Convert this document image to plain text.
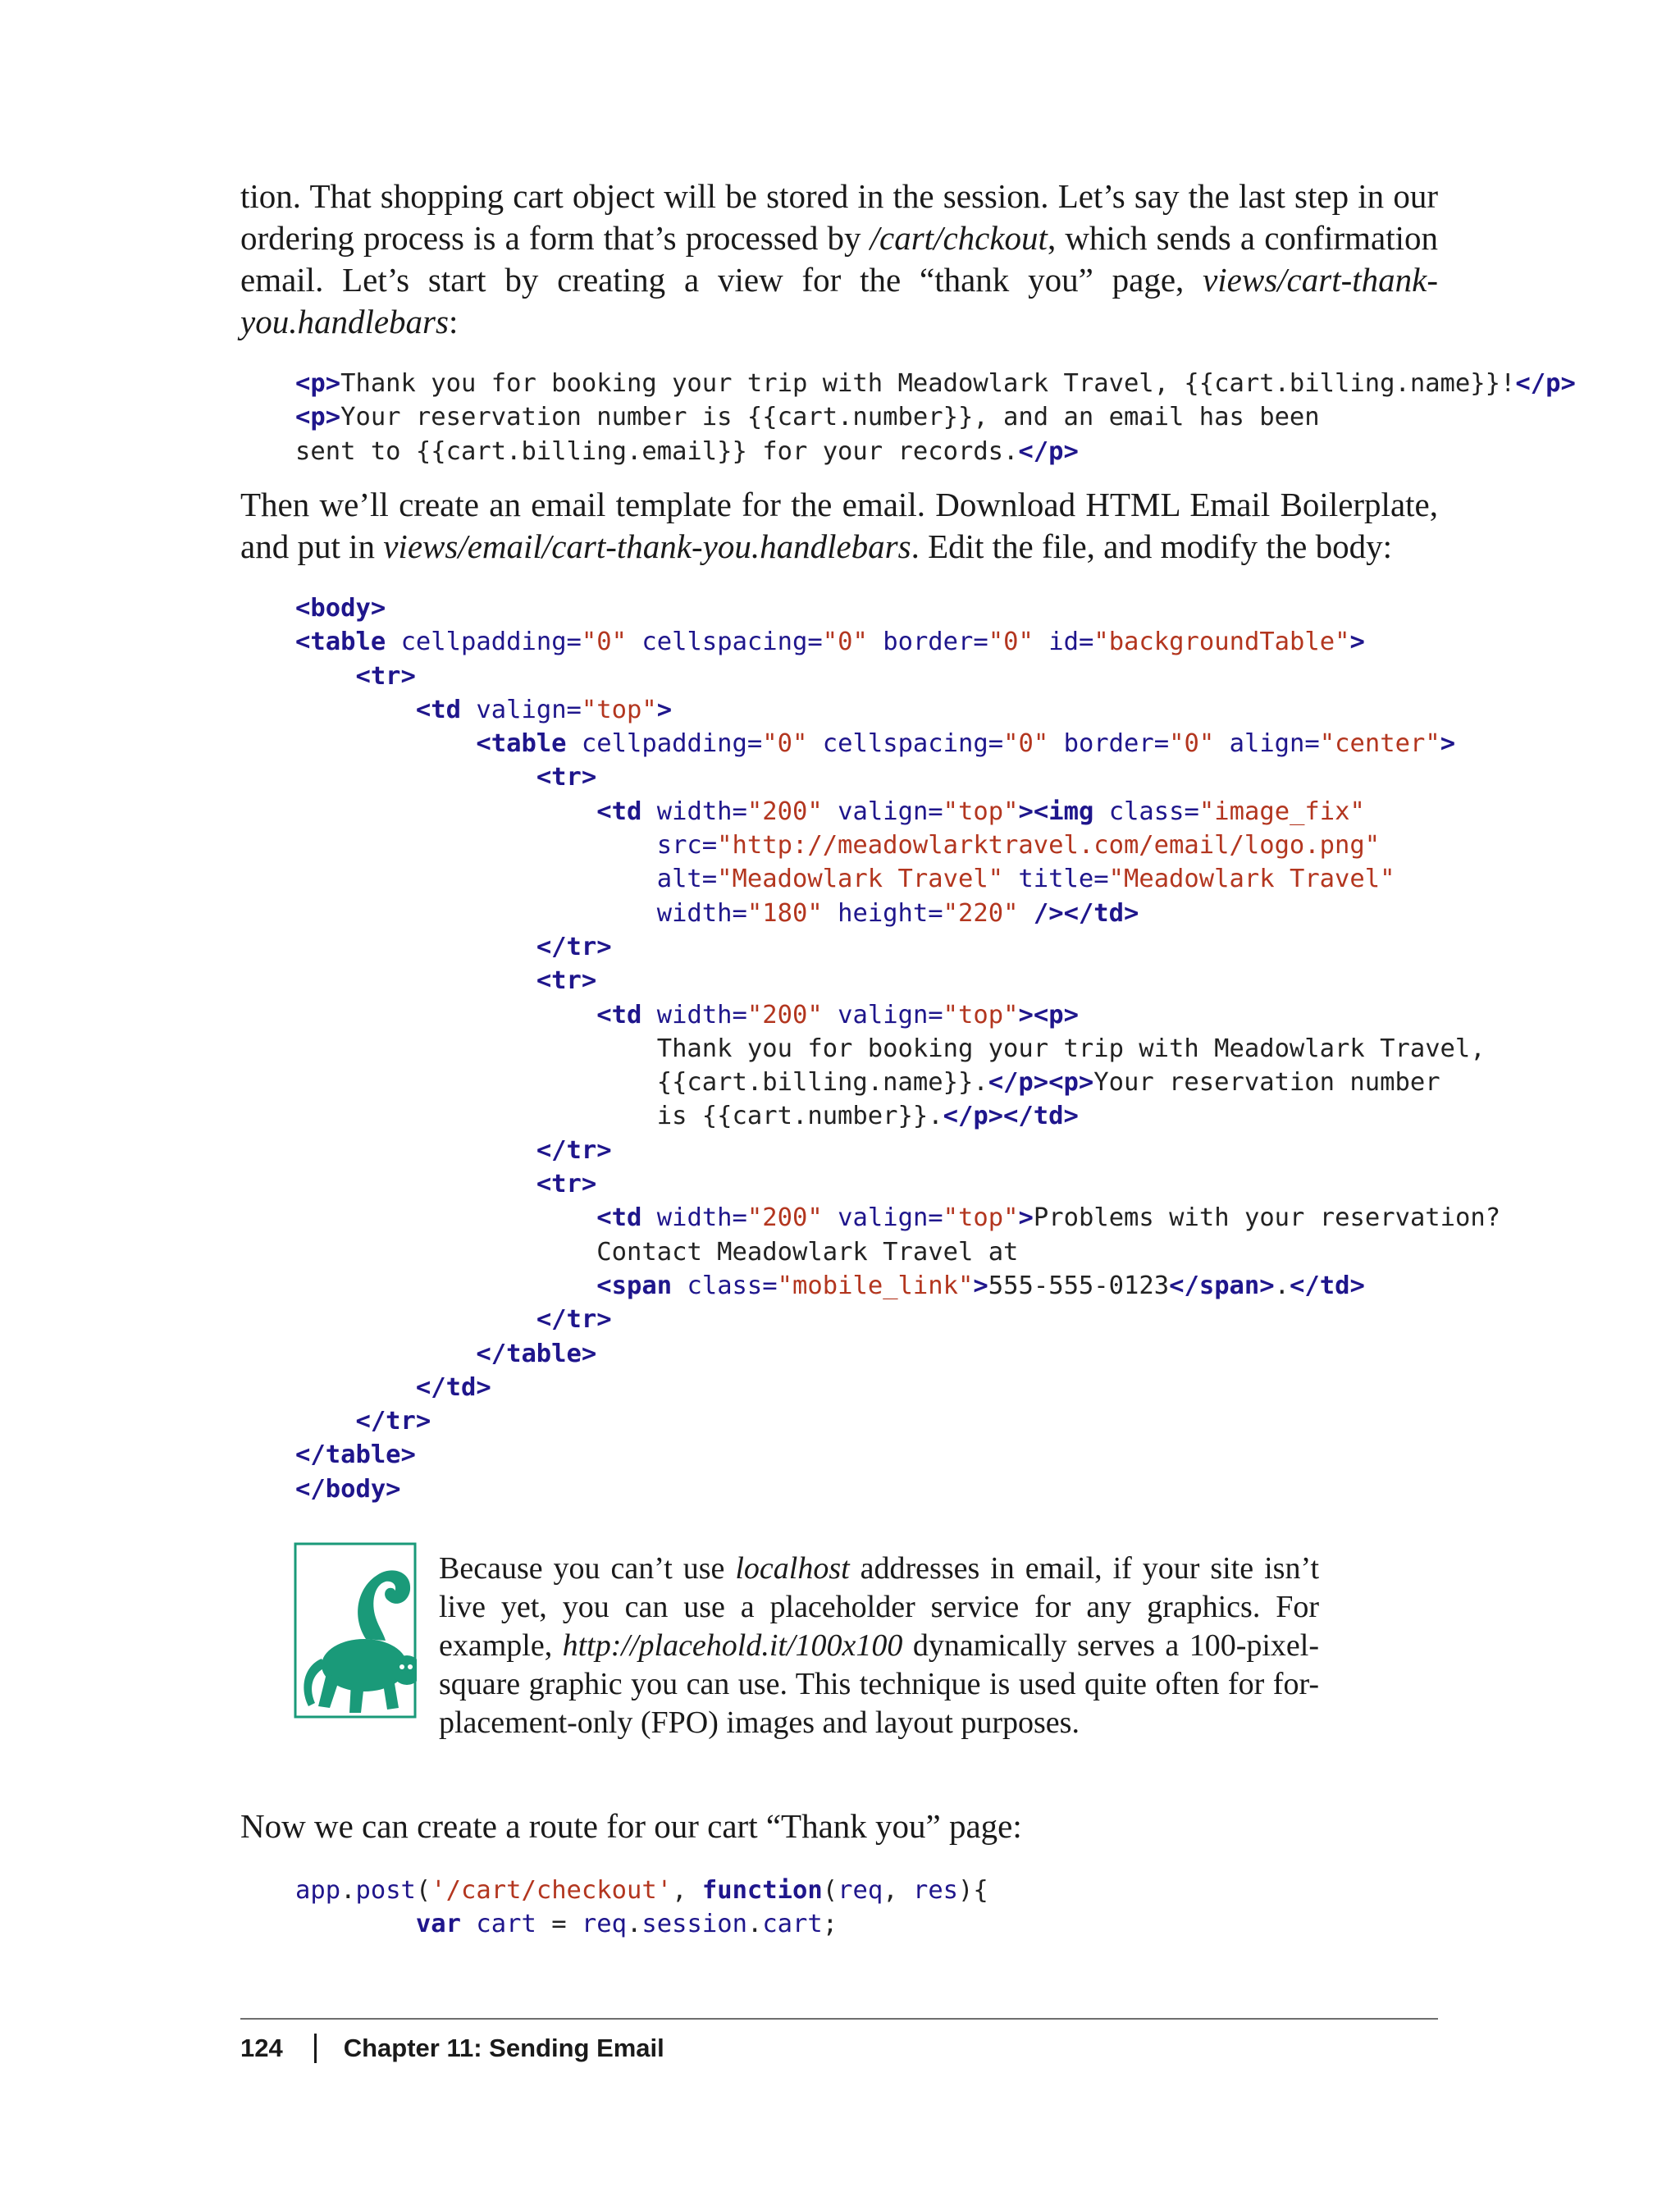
tion. That shopping cart object will be stored in the session. Let’s say the last step in our
ordering process is a form that’s processed by /cart/chckout, which sends a confirmation
email. Let’s start by creating a view for the “thank you” page, views/cart-thank-
you.handlebars:
<p>Thank you for booking your trip with Meadowlark Travel, {{cart.billing.name}}!</p>
<p>Your reservation number is {{cart.number}}, and an email has been
sent to {{cart.billing.email}} for your records.</p>
Then we’ll create an email template for the email. Download HTML Email Boilerplate,
and put in views/email/cart-thank-you.handlebars. Edit the file, and modify the body:
<body>
<table cellpadding="0" cellspacing="0" border="0" id="backgroundTable">
<tr>
<td valign="top">
<table cellpadding="0" cellspacing="0" border="0" align="center">
<tr>
<td width="200" valign="top"><img class="image_fix"
src="http://meadowlarktravel.com/email/logo.png"
alt="Meadowlark Travel" title="Meadowlark Travel"
width="180" height="220" /></td>
</tr>
<tr>
<td width="200" valign="top"><p>
Thank you for booking your trip with Meadowlark Travel,
{{cart.billing.name}}.</p><p>Your reservation number
is {{cart.number}}.</p></td>
</tr>
<tr>
<td width="200" valign="top">Problems with your reservation?
Contact Meadowlark Travel at
<span class="mobile_link">555-555-0123</span>.</td>
</tr>
</table>
</td>
</tr>
</table>
</body>

Because you can’t use localhost addresses in email, if your site isn’t live yet, you can use a placeholder service for any graphics. For example, http://placehold.it/100x100 dynamically serves a 100-pixel-square graphic you can use. This technique is used quite often for for-placement-only (FPO) images and layout purposes.

Now we can create a route for our cart “Thank you” page:
app.post('/cart/checkout', function(req, res){
var cart = req.session.cart;
124 Chapter 11: Sending Email
